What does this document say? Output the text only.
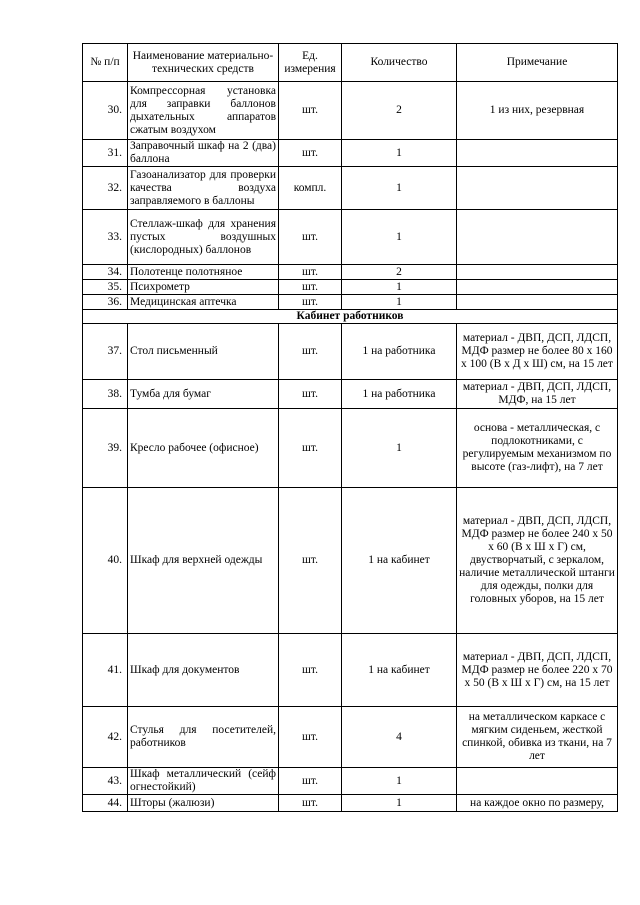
№ п/п	Наименование материально-технических средств	Ед. измерения	Количество	Примечание
30.	Компрессорная установка для заправки баллонов дыхательных аппаратов сжатым воздухом	шт.	2	1 из них, резервная
31.	Заправочный шкаф на 2 (два) баллона	шт.	1	
32.	Газоанализатор для проверки качества воздуха заправляемого в баллоны	компл.	1	
33.	Стеллаж-шкаф для хранения пустых воздушных (кислородных) баллонов	шт.	1	
34.	Полотенце полотняное	шт.	2	
35.	Психрометр	шт.	1	
36.	Медицинская аптечка	шт.	1	
Кабинет работников				
37.	Стол письменный	шт.	1 на работника	материал - ДВП, ДСП, ЛДСП, МДФ размер не более 80 х 160 х 100 (В х Д х Ш) см, на 15 лет
38.	Тумба для бумаг	шт.	1 на работника	материал - ДВП, ДСП, ЛДСП, МДФ, на 15 лет
39.	Кресло рабочее (офисное)	шт.	1	основа - металлическая, с подлокотниками, с регулируемым механизмом по высоте (газ-лифт), на 7 лет
40.	Шкаф для верхней одежды	шт.	1 на кабинет	материал - ДВП, ДСП, ЛДСП, МДФ размер не более 240 х 50 х 60 (В х Ш х Г) см, двустворчатый, с зеркалом, наличие металлической штанги для одежды, полки для головных уборов, на 15 лет
41.	Шкаф для документов	шт.	1 на кабинет	материал - ДВП, ДСП, ЛДСП, МДФ размер не более 220 х 70 х 50 (В х Ш х Г) см, на 15 лет
42.	Стулья для посетителей, работников	шт.	4	на металлическом каркасе с мягким сиденьем, жесткой спинкой, обивка из ткани, на 7 лет
43.	Шкаф металлический (сейф огнестойкий)	шт.	1	
44.	Шторы (жалюзи)	шт.	1	на каждое окно по размеру,
